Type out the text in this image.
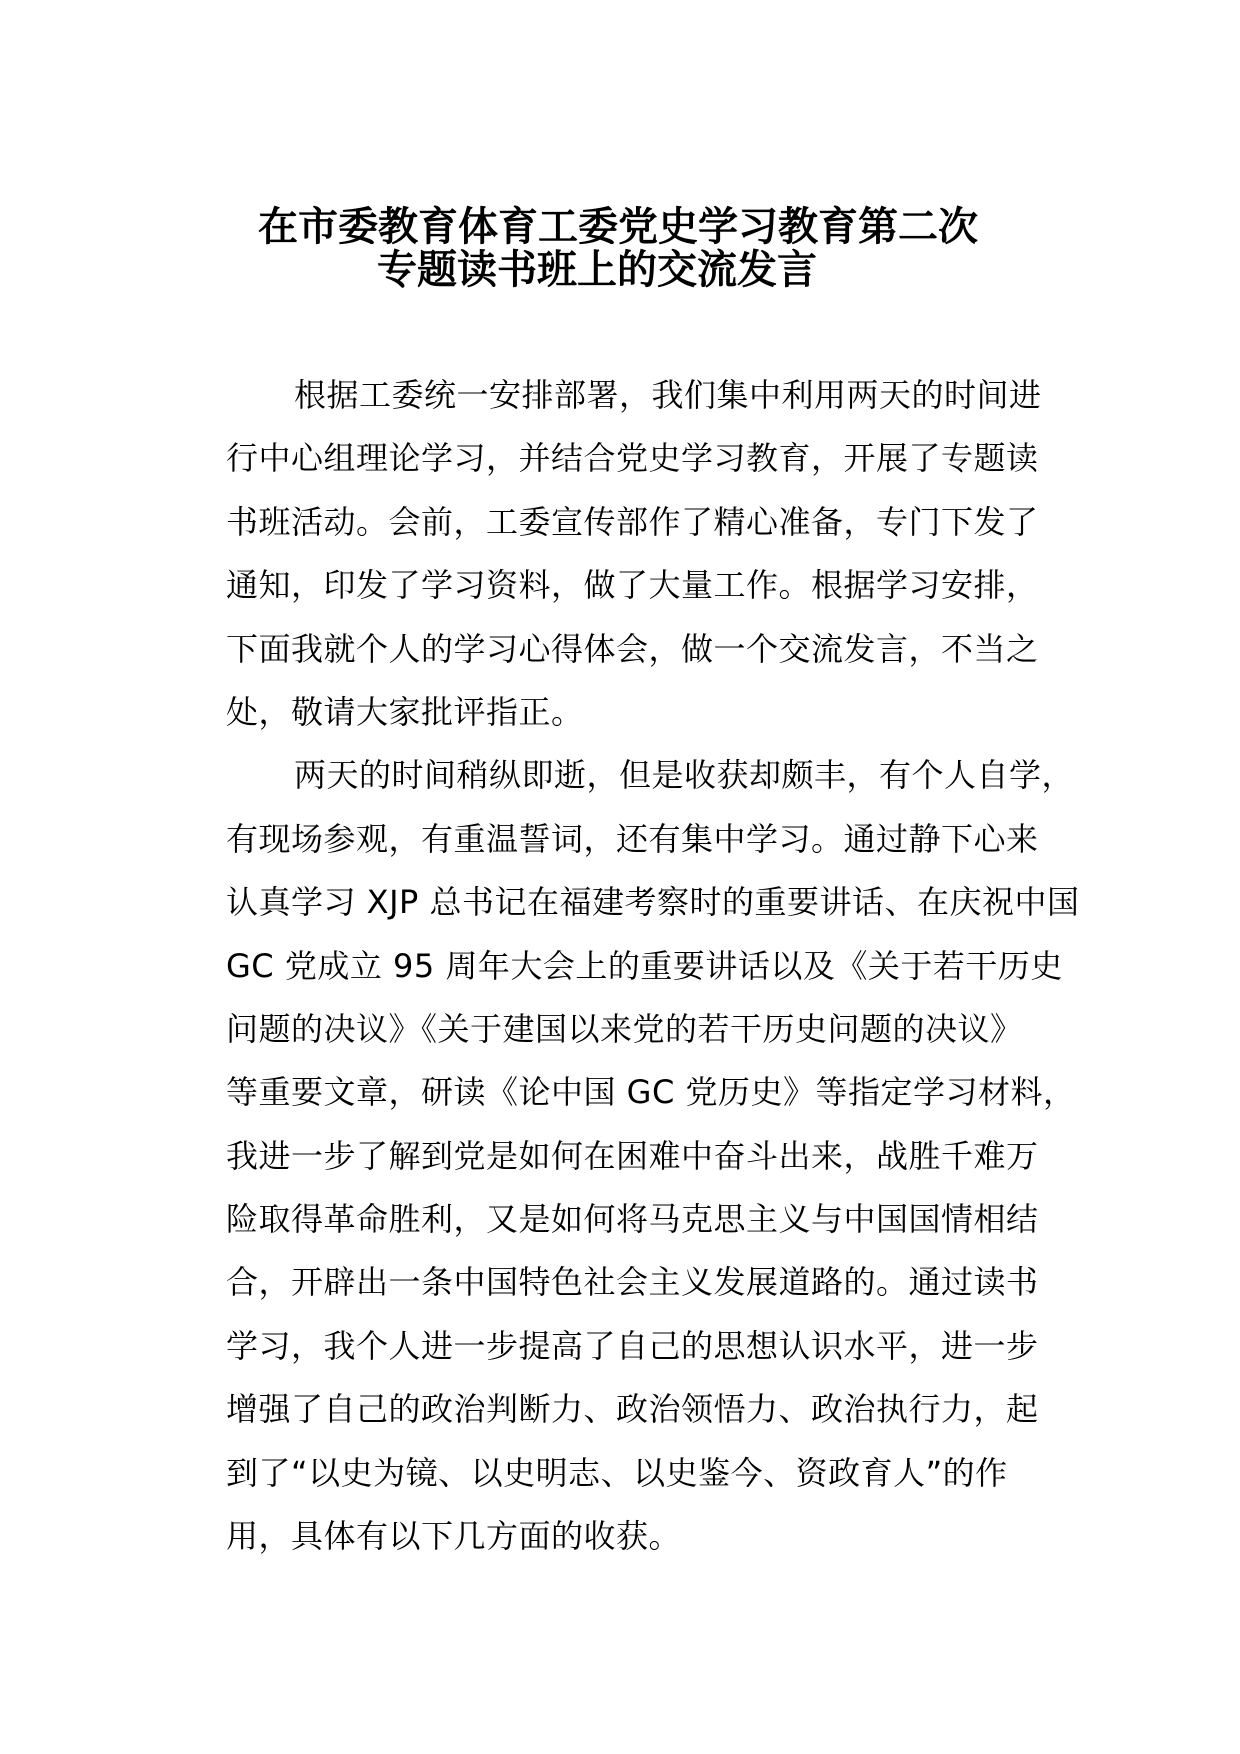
在市委教育体育工委党史学习教育第二次
专题读书班上的交流发言
根据工委统一安排部署，我们集中利用两天的时间进
行中心组理论学习，并结合党史学习教育，开展了专题读
书班活动。会前，工委宣传部作了精心准备，专门下发了
通知，印发了学习资料，做了大量工作。根据学习安排，
下面我就个人的学习心得体会，做一个交流发言，不当之
处，敬请大家批评指正。
两天的时间稍纵即逝，但是收获却颇丰，有个人自学，
有现场参观，有重温誓词，还有集中学习。通过静下心来
认真学习 XJP 总书记在福建考察时的重要讲话、在庆祝中国
GC 党成立 95 周年大会上的重要讲话以及《关于若干历史
问题的决议》《关于建国以来党的若干历史问题的决议》
等重要文章，研读《论中国 GC 党历史》等指定学习材料，
我进一步了解到党是如何在困难中奋斗出来，战胜千难万
险取得革命胜利，又是如何将马克思主义与中国国情相结
合，开辟出一条中国特色社会主义发展道路的。通过读书
学习，我个人进一步提高了自己的思想认识水平，进一步
增强了自己的政治判断力、政治领悟力、政治执行力，起
到了“以史为镜、以史明志、以史鉴今、资政育人”的作
用，具体有以下几方面的收获。
